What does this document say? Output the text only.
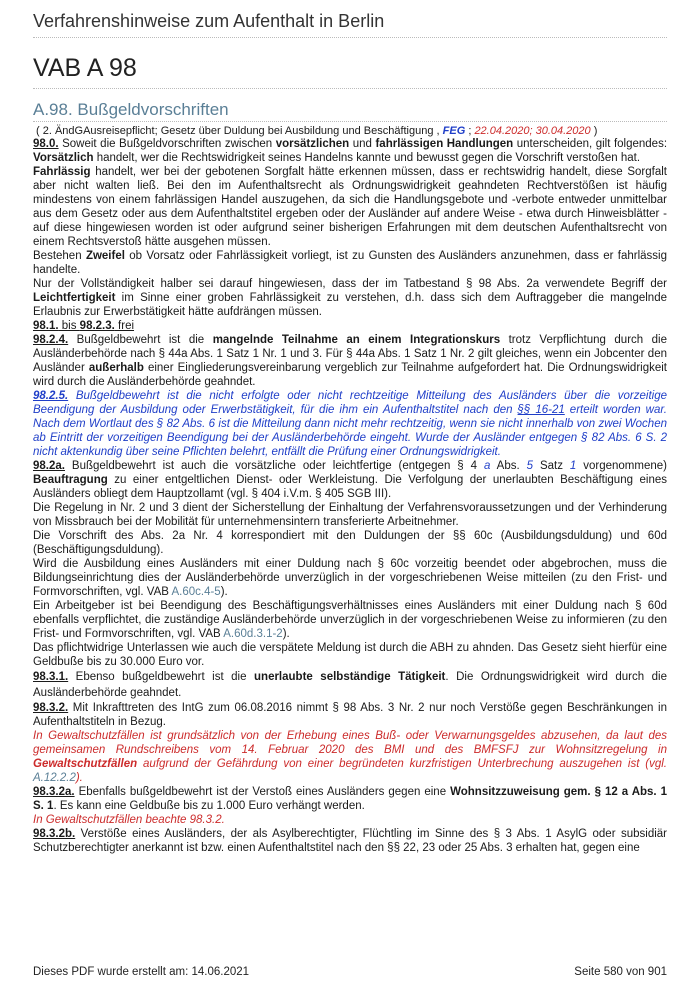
Verfahrenshinweise zum Aufenthalt in Berlin
VAB A 98
A.98. Bußgeldvorschriften
( 2. ÄndGAusreisepflicht; Gesetz über Duldung bei Ausbildung und Beschäftigung , FEG ; 22.04.2020; 30.04.2020 )

98.0. Soweit die Bußgeldvorschriften zwischen vorsätzlichen und fahrlässigen Handlungen unterscheiden, gilt folgendes: Vorsätzlich handelt, wer die Rechtswidrigkeit seines Handelns kannte und bewusst gegen die Vorschrift verstoßen hat.

Fahrlässig handelt, wer bei der gebotenen Sorgfalt hätte erkennen müssen, dass er rechtswidrig handelt, diese Sorgfalt aber nicht walten ließ. Bei den im Aufenthaltsrecht als Ordnungswidrigkeit geahndeten Rechtverstößen ist häufig mindestens von einem fahrlässigen Handel auszugehen, da sich die Handlungsgebote und -verbote entweder unmittelbar aus dem Gesetz oder aus dem Aufenthaltstitel ergeben oder der Ausländer auf andere Weise - etwa durch Hinweisblätter - auf diese hingewiesen worden ist oder aufgrund seiner bisherigen Erfahrungen mit dem deutschen Aufenthaltsrecht von einem Rechtsverstoß hätte ausgehen müssen.

Bestehen Zweifel ob Vorsatz oder Fahrlässigkeit vorliegt, ist zu Gunsten des Ausländers anzunehmen, dass er fahrlässig handelte.

Nur der Vollständigkeit halber sei darauf hingewiesen, dass der im Tatbestand § 98 Abs. 2a verwendete Begriff der Leichtfertigkeit im Sinne einer groben Fahrlässigkeit zu verstehen, d.h. dass sich dem Auftraggeber die mangelnde Erlaubnis zur Erwerbstätigkeit hätte aufdrängen müssen.

98.1. bis 98.2.3. frei

98.2.4. Bußgeldbewehrt ist die mangelnde Teilnahme an einem Integrationskurs trotz Verpflichtung durch die Ausländerbehörde nach § 44a Abs. 1 Satz 1 Nr. 1 und 3. Für § 44a Abs. 1 Satz 1 Nr. 2 gilt gleiches, wenn ein Jobcenter den Ausländer außerhalb einer Eingliederungsvereinbarung vergeblich zur Teilnahme aufgefordert hat. Die Ordnungswidrigkeit wird durch die Ausländerbehörde geahndet.

98.2.5. Bußgeldbewehrt ist die nicht erfolgte oder nicht rechtzeitige Mitteilung des Ausländers über die vorzeitige Beendigung der Ausbildung oder Erwerbstätigkeit, für die ihm ein Aufenthaltstitel nach den §§ 16-21 erteilt worden war. Nach dem Wortlaut des § 82 Abs. 6 ist die Mitteilung dann nicht mehr rechtzeitig, wenn sie nicht innerhalb von zwei Wochen ab Eintritt der vorzeitigen Beendigung bei der Ausländerbehörde eingeht. Wurde der Ausländer entgegen § 82 Abs. 6 S. 2 nicht aktenkundig über seine Pflichten belehrt, entfällt die Prüfung einer Ordnungswidrigkeit.

98.2a. Bußgeldbewehrt ist auch die vorsätzliche oder leichtfertige (entgegen § 4 a Abs. 5 Satz 1 vorgenommene) Beauftragung zu einer entgeltlichen Dienst- oder Werkleistung. Die Verfolgung der unerlaubten Beschäftigung eines Ausländers obliegt dem Hauptzollamt (vgl. § 404 i.V.m. § 405 SGB III).

Die Regelung in Nr. 2 und 3 dient der Sicherstellung der Einhaltung der Verfahrensvoraussetzungen und der Verhinderung von Missbrauch bei der Mobilität für unternehmensintern transferierte Arbeitnehmer.

Die Vorschrift des Abs. 2a Nr. 4 korrespondiert mit den Duldungen der §§ 60c (Ausbildungsduldung) und 60d (Beschäftigungsduldung).

Wird die Ausbildung eines Ausländers mit einer Duldung nach § 60c vorzeitig beendet oder abgebrochen, muss die Bildungseinrichtung dies der Ausländerbehörde unverzüglich in der vorgeschriebenen Weise mitteilen (zu den Frist- und Formvorschriften, vgl. VAB A.60c.4-5).

Ein Arbeitgeber ist bei Beendigung des Beschäftigungsverhältnisses eines Ausländers mit einer Duldung nach § 60d ebenfalls verpflichtet, die zuständige Ausländerbehörde unverzüglich in der vorgeschriebenen Weise zu informieren (zu den Frist- und Formvorschriften, vgl. VAB A.60d.3.1-2).

Das pflichtwidrige Unterlassen wie auch die verspätete Meldung ist durch die ABH zu ahnden. Das Gesetz sieht hierfür eine Geldbuße bis zu 30.000 Euro vor.

98.3.1. Ebenso bußgeldbewehrt ist die unerlaubte selbständige Tätigkeit. Die Ordnungswidrigkeit wird durch die Ausländerbehörde geahndet.

98.3.2. Mit Inkrafttreten des IntG zum 06.08.2016 nimmt § 98 Abs. 3 Nr. 2 nur noch Verstöße gegen Beschränkungen in Aufenthaltstiteln in Bezug.

In Gewaltschutzfällen ist grundsätzlich von der Erhebung eines Buß- oder Verwarnungsgeldes abzusehen, da laut des gemeinsamen Rundschreibens vom 14. Februar 2020 des BMI und des BMFSFJ zur Wohnsitzregelung in Gewaltschutzfällen aufgrund der Gefährdung von einer begründeten kurzfristigen Unterbrechung auszugehen ist (vgl. A.12.2.2).

98.3.2a. Ebenfalls bußgeldbewehrt ist der Verstoß eines Ausländers gegen eine Wohnsitzzuweisung gem. § 12 a Abs. 1 S. 1. Es kann eine Geldbuße bis zu 1.000 Euro verhängt werden.

In Gewaltschutzfällen beachte 98.3.2.

98.3.2b. Verstöße eines Ausländers, der als Asylberechtigter, Flüchtling im Sinne des § 3 Abs. 1 AsylG oder subsidiär Schutzberechtigter anerkannt ist bzw. einen Aufenthaltstitel nach den §§ 22, 23 oder 25 Abs. 3 erhalten hat, gegen eine

Dieses PDF wurde erstellt am: 14.06.2021	Seite 580 von 901
